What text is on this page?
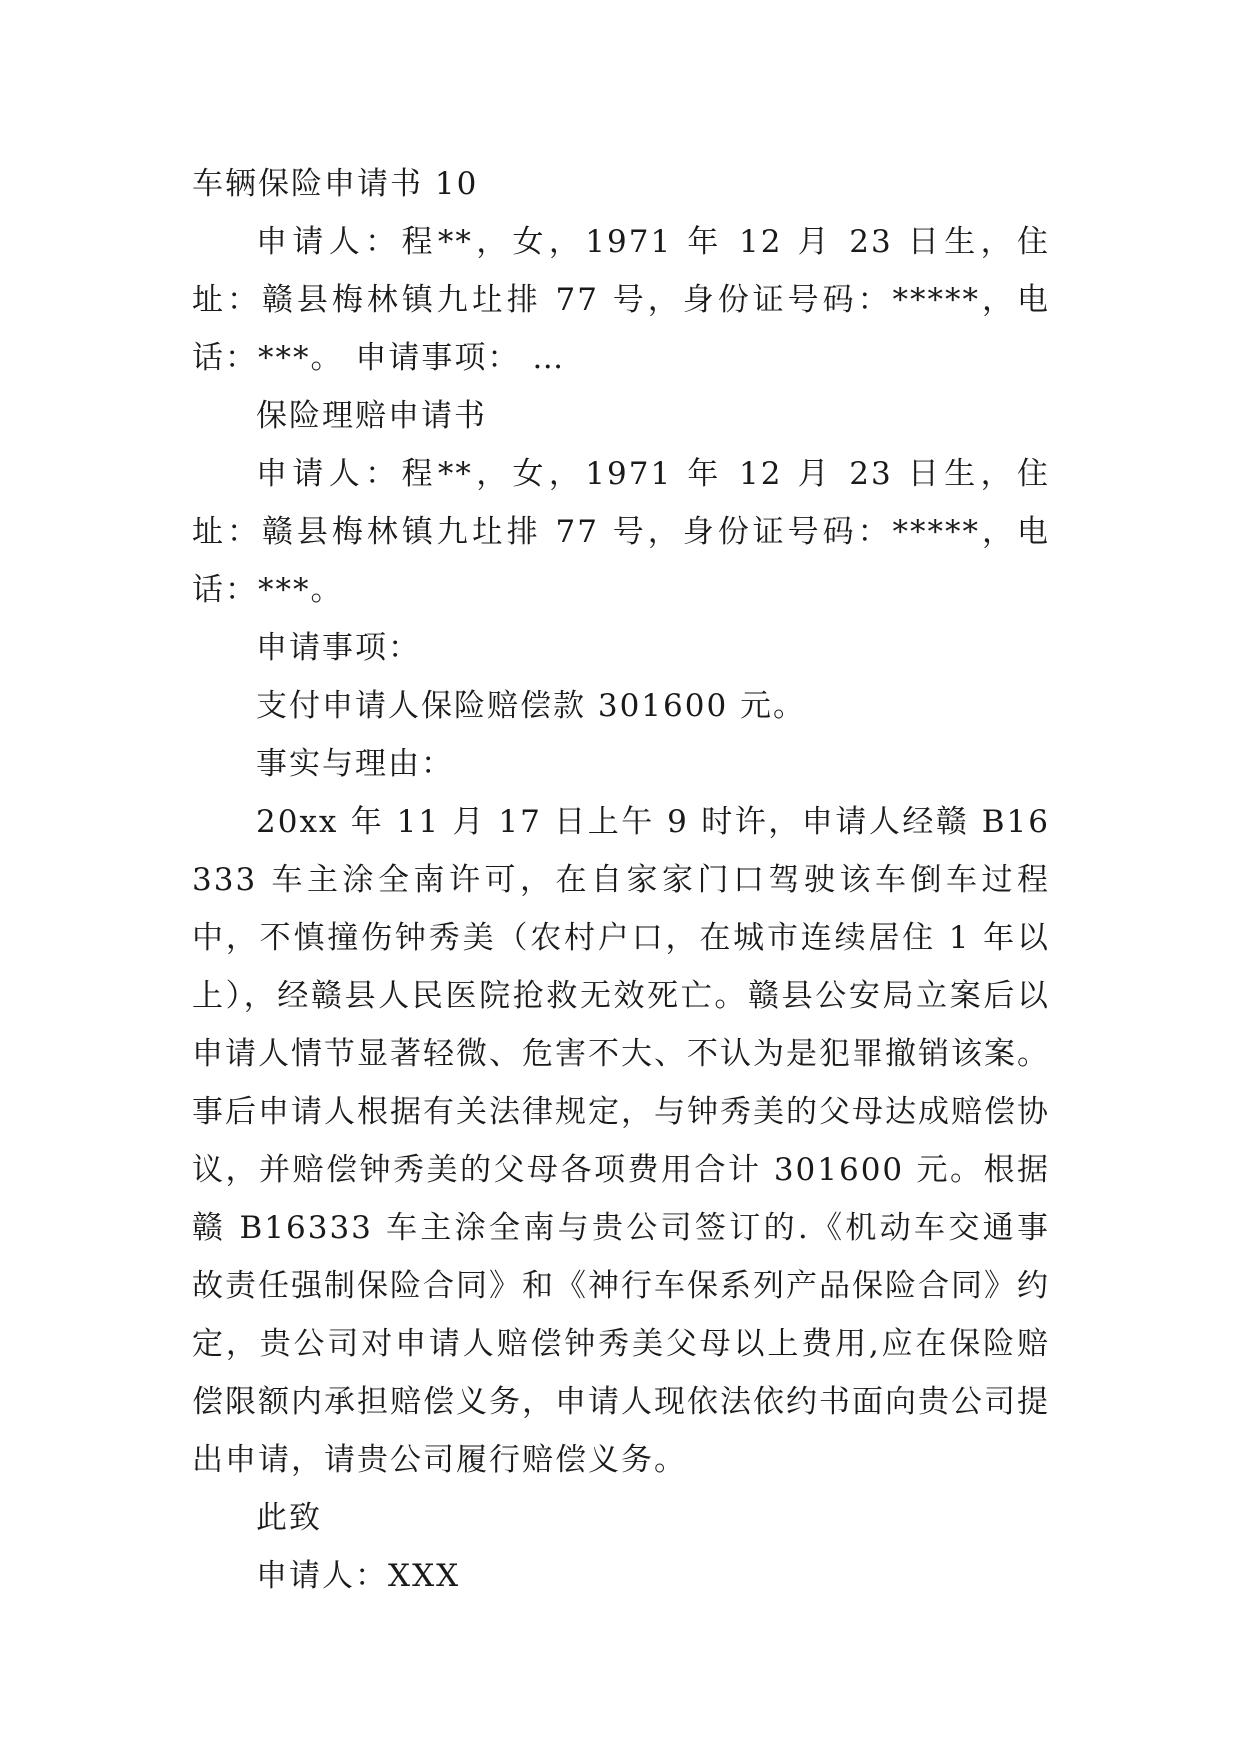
车辆保险申请书 10

申请人：程**，女，1971 年 12 月 23 日生，住址：赣县梅林镇九圵排 77 号，身份证号码：*****，电话：***。 申请事项： …

保险理赔申请书

申请人：程**，女，1971 年 12 月 23 日生，住址：赣县梅林镇九圵排 77 号，身份证号码：*****，电话：***。

申请事项：

支付申请人保险赔偿款 301600 元。

事实与理由：

20xx 年 11 月 17 日上午 9 时许，申请人经赣 B16333 车主涂全南许可，在自家家门口驾驶该车倒车过程中，不慎撞伤钟秀美（农村户口，在城市连续居住 1 年以上），经赣县人民医院抢救无效死亡。赣县公安局立案后以申请人情节显著轻微、危害不大、不认为是犯罪撤销该案。事后申请人根据有关法律规定，与钟秀美的父母达成赔偿协议，并赔偿钟秀美的父母各项费用合计 301600 元。根据赣 B16333 车主涂全南与贵公司签订的.《机动车交通事故责任强制保险合同》和《神行车保系列产品保险合同》约定，贵公司对申请人赔偿钟秀美父母以上费用,应在保险赔偿限额内承担赔偿义务，申请人现依法依约书面向贵公司提出申请，请贵公司履行赔偿义务。

此致

申请人：XXX
